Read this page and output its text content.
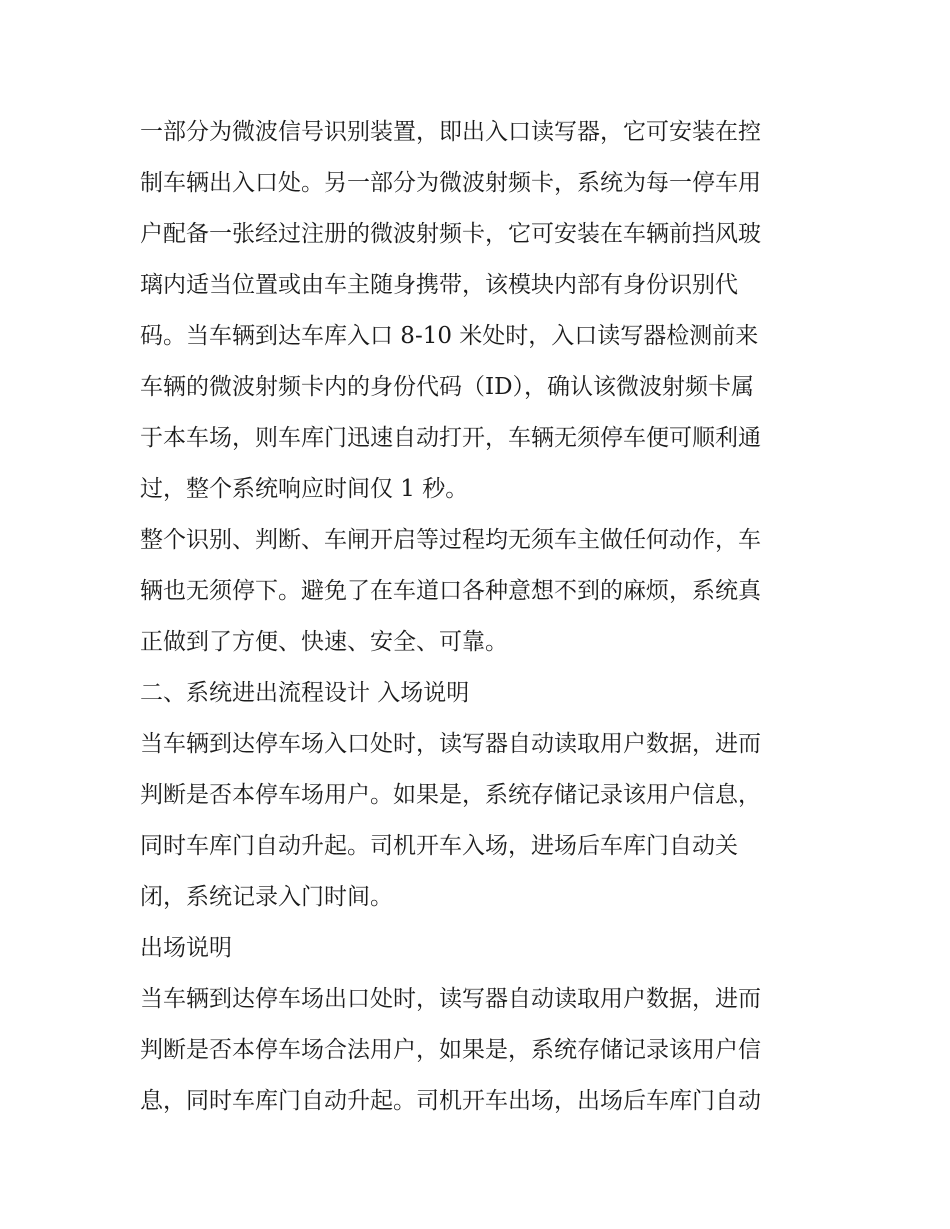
一部分为微波信号识别装置，即出入口读写器，它可安装在控
制车辆出入口处。另一部分为微波射频卡，系统为每一停车用
户配备一张经过注册的微波射频卡，它可安装在车辆前挡风玻
璃内适当位置或由车主随身携带，该模块内部有身份识别代
码。当车辆到达车库入口 8-10 米处时，入口读写器检测前来
车辆的微波射频卡内的身份代码（ID），确认该微波射频卡属
于本车场，则车库门迅速自动打开，车辆无须停车便可顺利通
过，整个系统响应时间仅 1 秒。
整个识别、判断、车闸开启等过程均无须车主做任何动作，车
辆也无须停下。避免了在车道口各种意想不到的麻烦，系统真
正做到了方便、快速、安全、可靠。
二、系统进出流程设计 入场说明
当车辆到达停车场入口处时，读写器自动读取用户数据，进而
判断是否本停车场用户。如果是，系统存储记录该用户信息，
同时车库门自动升起。司机开车入场，进场后车库门自动关
闭，系统记录入门时间。
出场说明
当车辆到达停车场出口处时，读写器自动读取用户数据，进而
判断是否本停车场合法用户，如果是，系统存储记录该用户信
息，同时车库门自动升起。司机开车出场，出场后车库门自动
